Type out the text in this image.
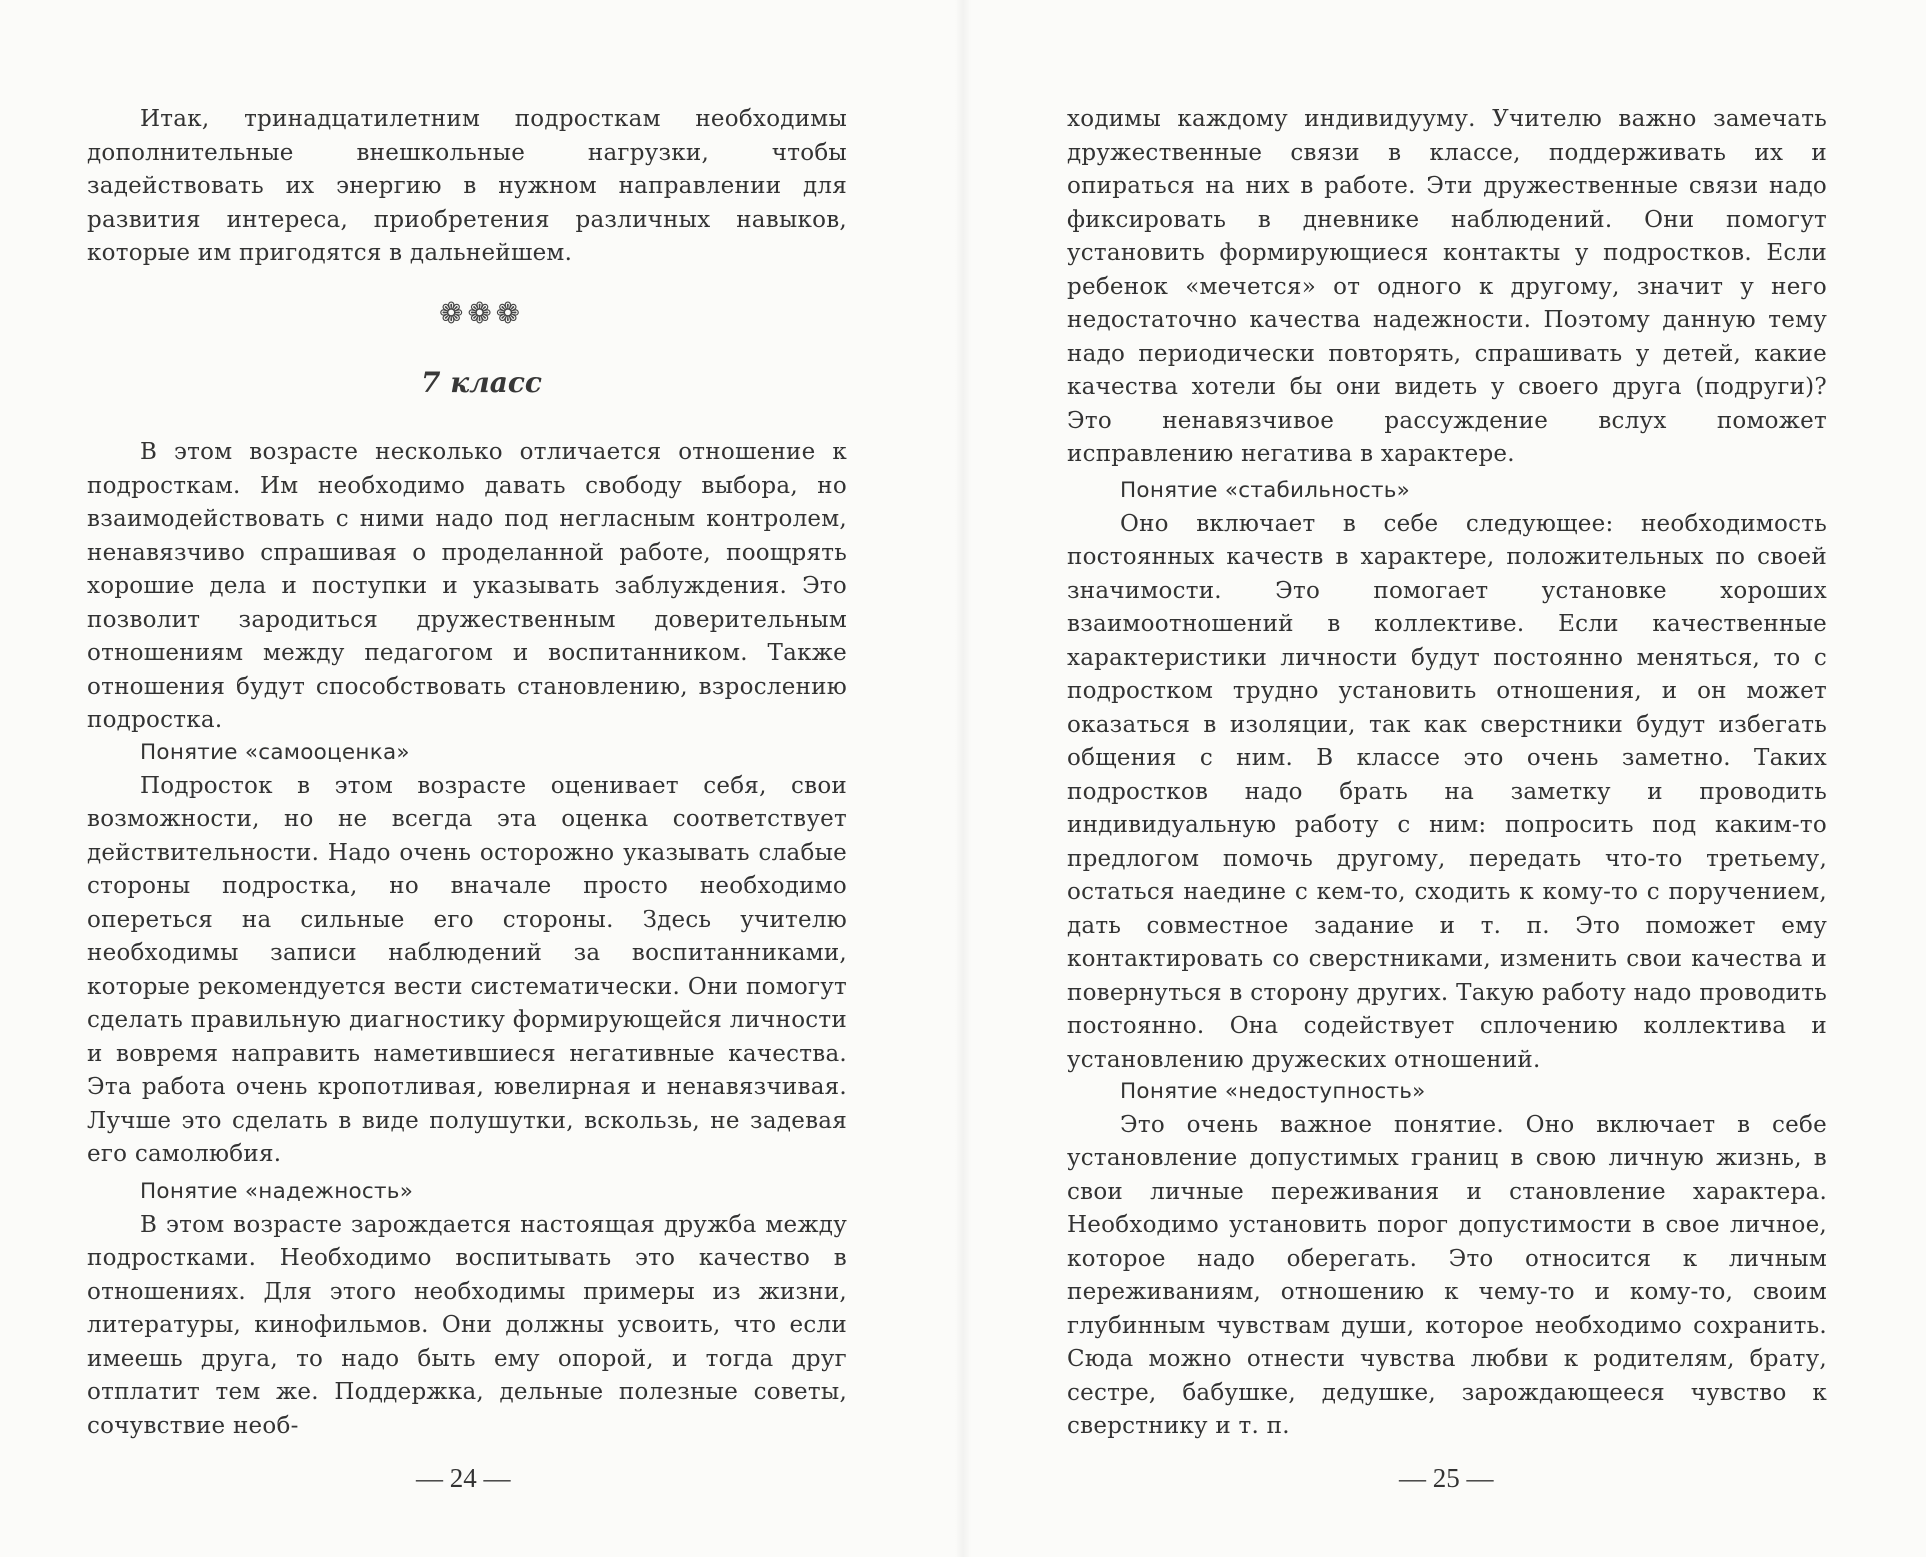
Итак, тринадцатилетним подросткам необходимы дополнительные внешкольные нагрузки, чтобы задействовать их энергию в нужном направлении для развития интереса, приобретения различных навыков, которые им пригодятся в дальнейшем.

❁❁❁
7 класс

В этом возрасте несколько отличается отношение к подросткам. Им необходимо давать свободу выбора, но взаимодействовать с ними надо под негласным контролем, ненавязчиво спрашивая о проделанной работе, поощрять хорошие дела и поступки и указывать заблуждения. Это позволит зародиться дружественным доверительным отношениям между педагогом и воспитанником. Также отношения будут способствовать становлению, взрослению подростка.

Понятие «самооценка»

Подросток в этом возрасте оценивает себя, свои возможности, но не всегда эта оценка соответствует действительности. Надо очень осторожно указывать слабые стороны подростка, но вначале просто необходимо опереться на сильные его стороны. Здесь учителю необходимы записи наблюдений за воспитанниками, которые рекомендуется вести систематически. Они помогут сделать правильную диагностику формирующейся личности и вовремя направить наметившиеся негативные качества. Эта работа очень кропотливая, ювелирная и ненавязчивая. Лучше это сделать в виде полушутки, вскользь, не задевая его самолюбия.

Понятие «надежность»

В этом возрасте зарождается настоящая дружба между подростками. Необходимо воспитывать это качество в отношениях. Для этого необходимы примеры из жизни, литературы, кинофильмов. Они должны усвоить, что если имеешь друга, то надо быть ему опорой, и тогда друг отплатит тем же. Поддержка, дельные полезные советы, сочувствие необ-

— 24 —

ходимы каждому индивидууму. Учителю важно замечать дружественные связи в классе, поддерживать их и опираться на них в работе. Эти дружественные связи надо фиксировать в дневнике наблюдений. Они помогут установить формирующиеся контакты у подростков. Если ребенок «мечется» от одного к другому, значит у него недостаточно качества надежности. Поэтому данную тему надо периодически повторять, спрашивать у детей, какие качества хотели бы они видеть у своего друга (подруги)? Это ненавязчивое рассуждение вслух поможет исправлению негатива в характере.

Понятие «стабильность»

Оно включает в себе следующее: необходимость постоянных качеств в характере, положительных по своей значимости. Это помогает установке хороших взаимоотношений в коллективе. Если качественные характеристики личности будут постоянно меняться, то с подростком трудно установить отношения, и он может оказаться в изоляции, так как сверстники будут избегать общения с ним. В классе это очень заметно. Таких подростков надо брать на заметку и проводить индивидуальную работу с ним: попросить под каким-то предлогом помочь другому, передать что-то третьему, остаться наедине с кем-то, сходить к кому-то с поручением, дать совместное задание и т. п. Это поможет ему контактировать со сверстниками, изменить свои качества и повернуться в сторону других. Такую работу надо проводить постоянно. Она содействует сплочению коллектива и установлению дружеских отношений.

Понятие «недоступность»

Это очень важное понятие. Оно включает в себе установление допустимых границ в свою личную жизнь, в свои личные переживания и становление характера. Необходимо установить порог допустимости в свое личное, которое надо оберегать. Это относится к личным переживаниям, отношению к чему-то и кому-то, своим глубинным чувствам души, которое необходимо сохранить. Сюда можно отнести чувства любви к родителям, брату, сестре, бабушке, дедушке, зарождающееся чувство к сверстнику и т. п.

— 25 —
